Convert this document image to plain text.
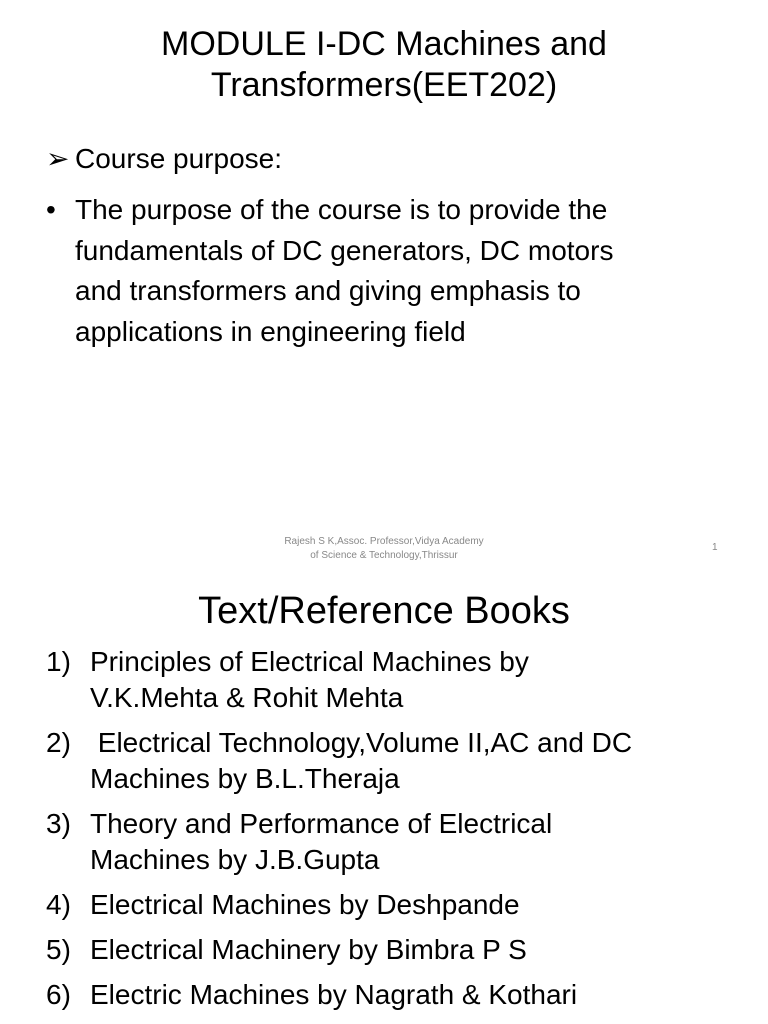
MODULE I-DC Machines and
Transformers(EET202)
➢ Course purpose:
• The purpose of the course is to provide the
fundamentals of DC generators, DC motors
and transformers and giving emphasis to
applications in engineering field
Rajesh S K,Assoc. Professor,Vidya Academy
of Science & Technology,Thrissur
1
Text/Reference Books
1) Principles of Electrical Machines by
V.K.Mehta & Rohit Mehta
2) Electrical Technology,Volume II,AC and DC
Machines by B.L.Theraja
3) Theory and Performance of Electrical
Machines by J.B.Gupta
4) Electrical Machines by Deshpande
5) Electrical Machinery by Bimbra P S
6) Electric Machines by Nagrath & Kothari
